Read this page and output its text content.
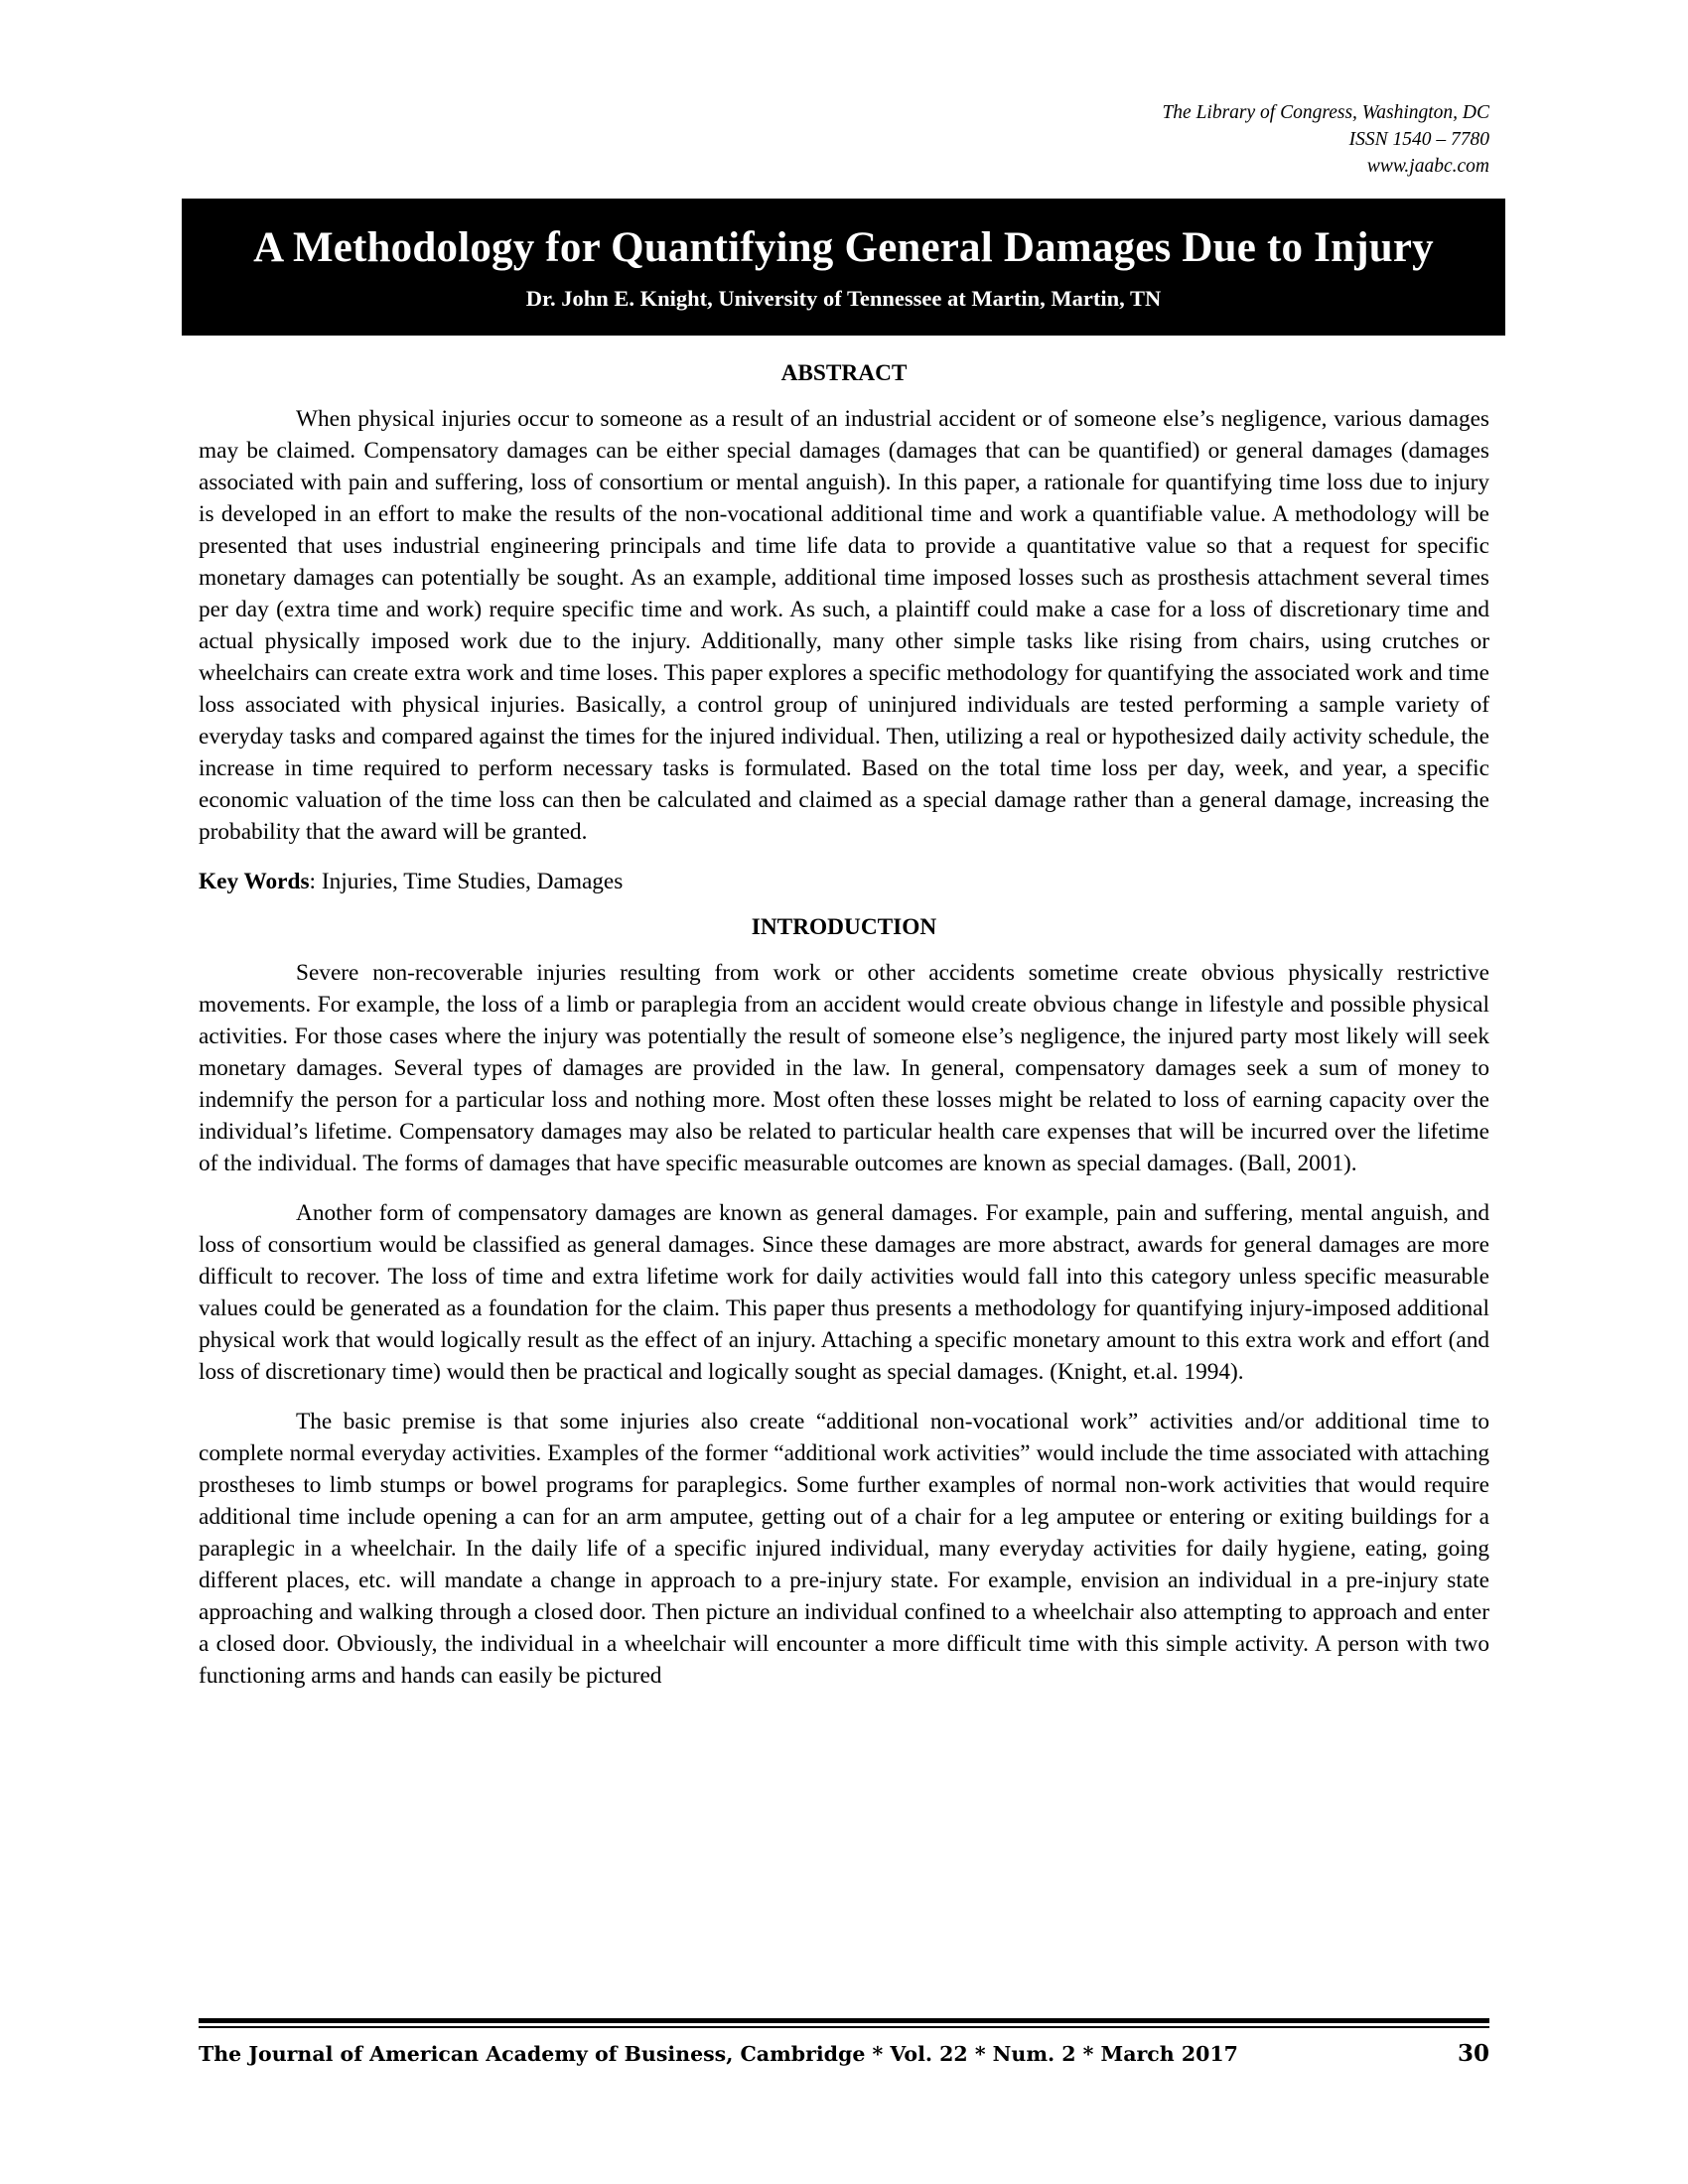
The Library of Congress, Washington, DC
ISSN 1540 – 7780
www.jaabc.com
A Methodology for Quantifying General Damages Due to Injury
Dr. John E. Knight, University of Tennessee at Martin, Martin, TN

ABSTRACT

When physical injuries occur to someone as a result of an industrial accident or of someone else’s negligence, various damages may be claimed. Compensatory damages can be either special damages (damages that can be quantified) or general damages (damages associated with pain and suffering, loss of consortium or mental anguish). In this paper, a rationale for quantifying time loss due to injury is developed in an effort to make the results of the non-vocational additional time and work a quantifiable value. A methodology will be presented that uses industrial engineering principals and time life data to provide a quantitative value so that a request for specific monetary damages can potentially be sought. As an example, additional time imposed losses such as prosthesis attachment several times per day (extra time and work) require specific time and work. As such, a plaintiff could make a case for a loss of discretionary time and actual physically imposed work due to the injury. Additionally, many other simple tasks like rising from chairs, using crutches or wheelchairs can create extra work and time loses. This paper explores a specific methodology for quantifying the associated work and time loss associated with physical injuries. Basically, a control group of uninjured individuals are tested performing a sample variety of everyday tasks and compared against the times for the injured individual. Then, utilizing a real or hypothesized daily activity schedule, the increase in time required to perform necessary tasks is formulated. Based on the total time loss per day, week, and year, a specific economic valuation of the time loss can then be calculated and claimed as a special damage rather than a general damage, increasing the probability that the award will be granted.

Key Words: Injuries, Time Studies, Damages

INTRODUCTION

Severe non-recoverable injuries resulting from work or other accidents sometime create obvious physically restrictive movements. For example, the loss of a limb or paraplegia from an accident would create obvious change in lifestyle and possible physical activities. For those cases where the injury was potentially the result of someone else’s negligence, the injured party most likely will seek monetary damages. Several types of damages are provided in the law. In general, compensatory damages seek a sum of money to indemnify the person for a particular loss and nothing more. Most often these losses might be related to loss of earning capacity over the individual’s lifetime. Compensatory damages may also be related to particular health care expenses that will be incurred over the lifetime of the individual. The forms of damages that have specific measurable outcomes are known as special damages. (Ball, 2001).

Another form of compensatory damages are known as general damages. For example, pain and suffering, mental anguish, and loss of consortium would be classified as general damages. Since these damages are more abstract, awards for general damages are more difficult to recover. The loss of time and extra lifetime work for daily activities would fall into this category unless specific measurable values could be generated as a foundation for the claim. This paper thus presents a methodology for quantifying injury-imposed additional physical work that would logically result as the effect of an injury. Attaching a specific monetary amount to this extra work and effort (and loss of discretionary time) would then be practical and logically sought as special damages. (Knight, et.al. 1994).

The basic premise is that some injuries also create “additional non-vocational work” activities and/or additional time to complete normal everyday activities. Examples of the former “additional work activities” would include the time associated with attaching prostheses to limb stumps or bowel programs for paraplegics. Some further examples of normal non-work activities that would require additional time include opening a can for an arm amputee, getting out of a chair for a leg amputee or entering or exiting buildings for a paraplegic in a wheelchair. In the daily life of a specific injured individual, many everyday activities for daily hygiene, eating, going different places, etc. will mandate a change in approach to a pre-injury state. For example, envision an individual in a pre-injury state approaching and walking through a closed door. Then picture an individual confined to a wheelchair also attempting to approach and enter a closed door. Obviously, the individual in a wheelchair will encounter a more difficult time with this simple activity. A person with two functioning arms and hands can easily be pictured

The Journal of American Academy of Business, Cambridge * Vol. 22 * Num. 2 * March 2017	30
